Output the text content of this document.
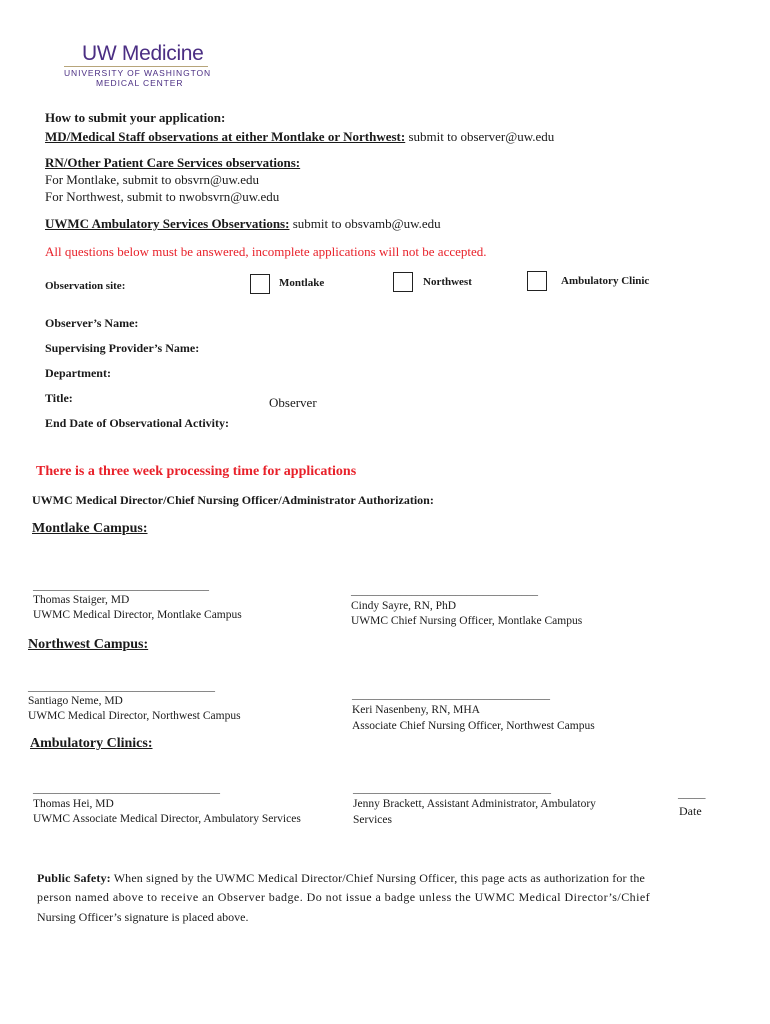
UW Medicine
UNIVERSITY OF WASHINGTON
MEDICAL CENTER
How to submit your application:
MD/Medical Staff observations at either Montlake or Northwest: submit to observer@uw.edu
RN/Other Patient Care Services observations:
For Montlake, submit to obsvrn@uw.edu
For Northwest, submit to nwobsvrn@uw.edu
UWMC Ambulatory Services Observations: submit to obsvamb@uw.edu
All questions below must be answered, incomplete applications will not be accepted.
Observation site:	Montlake	Northwest	Ambulatory Clinic
Observer’s Name:
Supervising Provider’s Name:
Department:
Title:	Observer
End Date of Observational Activity:
There is a three week processing time for applications
UWMC Medical Director/Chief Nursing Officer/Administrator Authorization:
Montlake Campus:
________________________________
Thomas Staiger, MD
UWMC Medical Director, Montlake Campus
__________________________________
Cindy Sayre, RN, PhD
UWMC Chief Nursing Officer, Montlake Campus
Northwest Campus:
__________________________________
Santiago Neme, MD
UWMC Medical Director, Northwest Campus
____________________________________
Keri Nasenbeny, RN, MHA
Associate Chief Nursing Officer, Northwest Campus
Ambulatory Clinics:
__________________________________
Thomas Hei, MD
UWMC Associate Medical Director, Ambulatory Services
____________________________________
Jenny Brackett, Assistant Administrator, Ambulatory
Services
_____
Date
Public Safety: When signed by the UWMC Medical Director/Chief Nursing Officer, this page acts as authorization for the
person named above to receive an Observer badge. Do not issue a badge unless the UWMC Medical Director’s/Chief
Nursing Officer’s signature is placed above.
